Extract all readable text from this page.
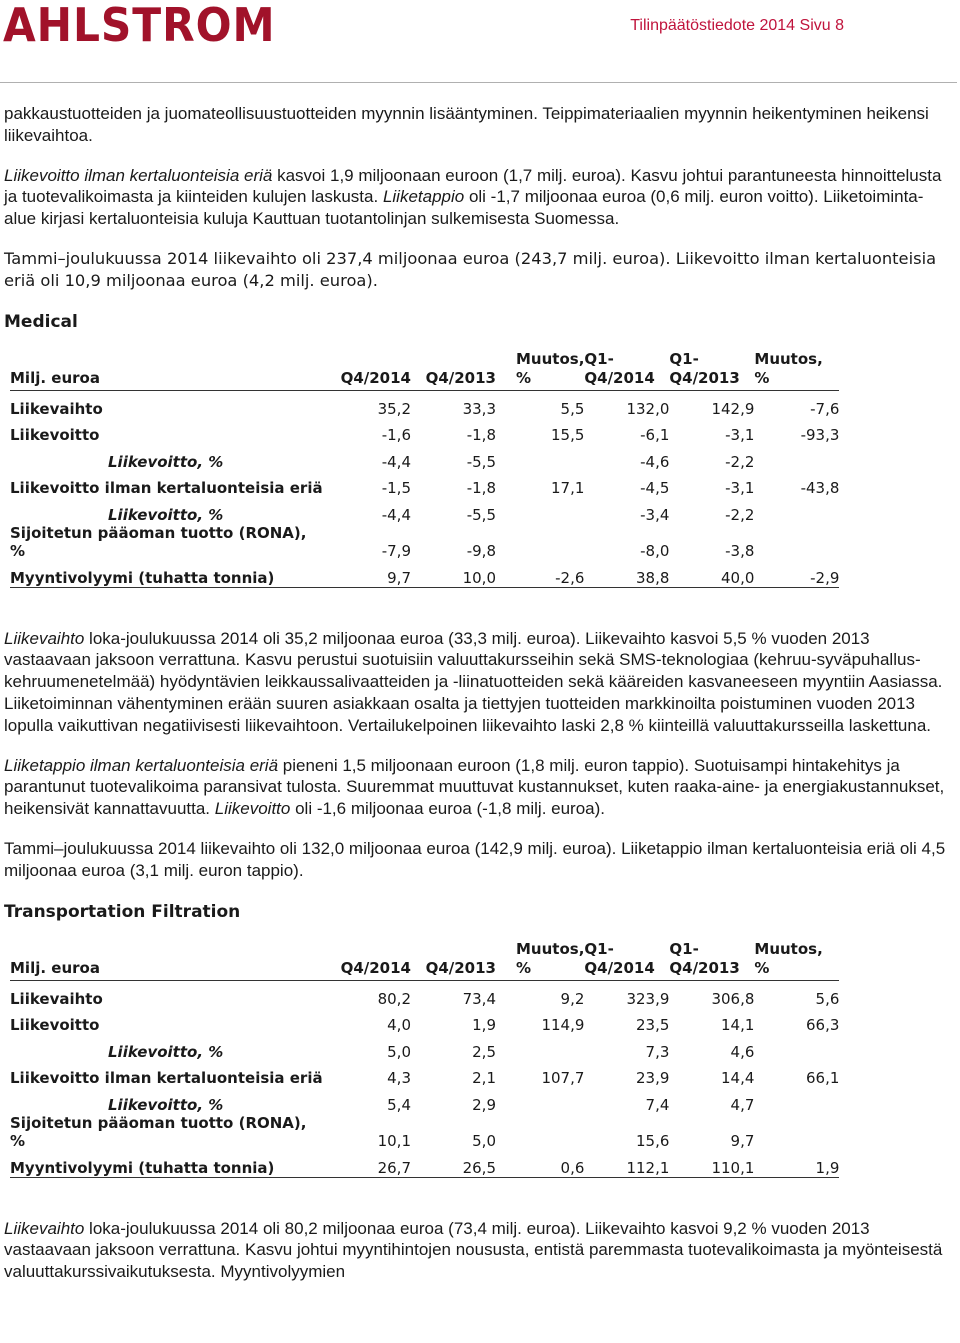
AHLSTROM	Tilinpäätöstiedote 2014 Sivu 8

pakkaustuotteiden ja juomateollisuustuotteiden myynnin lisääntyminen. Teippimateriaalien myynnin heikentyminen heikensi liikevaihtoa.

Liikevoitto ilman kertaluonteisia eriä kasvoi 1,9 miljoonaan euroon (1,7 milj. euroa). Kasvu johtui parantuneesta hinnoittelusta ja tuotevalikoimasta ja kiinteiden kulujen laskusta. Liiketappio oli -1,7 miljoonaa euroa (0,6 milj. euron voitto). Liiketoiminta-alue kirjasi kertaluonteisia kuluja Kauttuan tuotantolinjan sulkemisesta Suomessa.

Tammi–joulukuussa 2014 liikevaihto oli 237,4 miljoonaa euroa (243,7 milj. euroa). Liikevoitto ilman kertaluonteisia eriä oli 10,9 miljoonaa euroa (4,2 milj. euroa).

Medical
Milj. euroa	Q4/2014	Q4/2013	Muutos, %	Q1-Q4/2014	Q1-Q4/2013	Muutos, %
Liikevaihto	35,2	33,3	5,5	132,0	142,9	-7,6
Liikevoitto	-1,6	-1,8	15,5	-6,1	-3,1	-93,3
Liikevoitto, %	-4,4	-5,5		-4,6	-2,2	
Liikevoitto ilman kertaluonteisia eriä	-1,5	-1,8	17,1	-4,5	-3,1	-43,8
Liikevoitto, %	-4,4	-5,5		-3,4	-2,2	
Sijoitetun pääoman tuotto (RONA), %	-7,9	-9,8		-8,0	-3,8	
Myyntivolyymi (tuhatta tonnia)	9,7	10,0	-2,6	38,8	40,0	-2,9

Liikevaihto loka-joulukuussa 2014 oli 35,2 miljoonaa euroa (33,3 milj. euroa). Liikevaihto kasvoi 5,5 % vuoden 2013 vastaavaan jaksoon verrattuna. Kasvu perustui suotuisiin valuuttakursseihin sekä SMS-teknologiaa (kehruu-syväpuhallus-kehruumenetelmää) hyödyntävien leikkaussalivaatteiden ja -liinatuotteiden sekä kääreiden kasvaneeseen myyntiin Aasiassa. Liiketoiminnan vähentyminen erään suuren asiakkaan osalta ja tiettyjen tuotteiden markkinoilta poistuminen vuoden 2013 lopulla vaikuttivan negatiivisesti liikevaihtoon. Vertailukelpoinen liikevaihto laski 2,8 % kiinteillä valuuttakursseilla laskettuna.

Liiketappio ilman kertaluonteisia eriä pieneni 1,5 miljoonaan euroon (1,8 milj. euron tappio). Suotuisampi hintakehitys ja parantunut tuotevalikoima paransivat tulosta. Suuremmat muuttuvat kustannukset, kuten raaka-aine- ja energiakustannukset, heikensivät kannattavuutta. Liikevoitto oli -1,6 miljoonaa euroa (-1,8 milj. euroa).

Tammi–joulukuussa 2014 liikevaihto oli 132,0 miljoonaa euroa (142,9 milj. euroa). Liiketappio ilman kertaluonteisia eriä oli 4,5 miljoonaa euroa (3,1 milj. euron tappio).

Transportation Filtration
Milj. euroa	Q4/2014	Q4/2013	Muutos, %	Q1-Q4/2014	Q1-Q4/2013	Muutos, %
Liikevaihto	80,2	73,4	9,2	323,9	306,8	5,6
Liikevoitto	4,0	1,9	114,9	23,5	14,1	66,3
Liikevoitto, %	5,0	2,5		7,3	4,6	
Liikevoitto ilman kertaluonteisia eriä	4,3	2,1	107,7	23,9	14,4	66,1
Liikevoitto, %	5,4	2,9		7,4	4,7	
Sijoitetun pääoman tuotto (RONA), %	10,1	5,0		15,6	9,7	
Myyntivolyymi (tuhatta tonnia)	26,7	26,5	0,6	112,1	110,1	1,9

Liikevaihto loka-joulukuussa 2014 oli 80,2 miljoonaa euroa (73,4 milj. euroa). Liikevaihto kasvoi 9,2 % vuoden 2013 vastaavaan jaksoon verrattuna. Kasvu johtui myyntihintojen noususta, entistä paremmasta tuotevalikoimasta ja myönteisestä valuuttakurssivaikutuksesta. Myyntivolyymien
